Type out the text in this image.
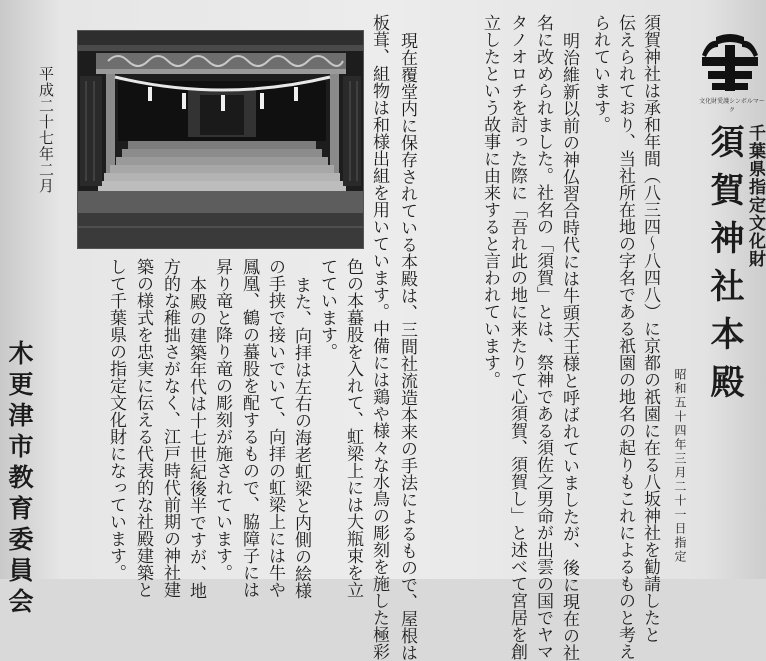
文化財愛護シンボルマーク
千葉県指定文化財
須賀神社本殿
昭和五十四年三月二十一日指定
須賀神社は承和年間（八三四〜八四八）に京都の祇園に在る八坂神社を勧請したと
伝えられており、当社所在地の字名である祇園の地名の起りもこれによるものと考え
られています。
明治維新以前の神仏習合時代には牛頭天王様と呼ばれていましたが、後に現在の社
名に改められました。社名の「須賀」とは、祭神である須佐之男命が出雲の国でヤマ
タノオロチを討った際に「吾れ此の地に来たりて心須賀、須賀し」と述べて宮居を創
立したという故事に由来すると言われています。
現在覆堂内に保存されている本殿は、三間社流造本来の手法によるもので、屋根は
板葺、組物は和様出組を用いています。中備には鶏や様々な水鳥の彫刻を施した極彩
色の本蟇股を入れて、虹梁上には大瓶束を立
てています。
また、向拝は左右の海老虹梁と内側の絵様
の手挟で接いでいて、向拝の虹梁上には牛や
鳳凰、鶴の蟇股を配するもので、脇障子には
昇り竜と降り竜の彫刻が施されています。
本殿の建築年代は十七世紀後半ですが、地
方的な稚拙さがなく、江戸時代前期の神社建
築の様式を忠実に伝える代表的な社殿建築と
して千葉県の指定文化財になっています。
平成二十七年二月
木更津市教育委員会
